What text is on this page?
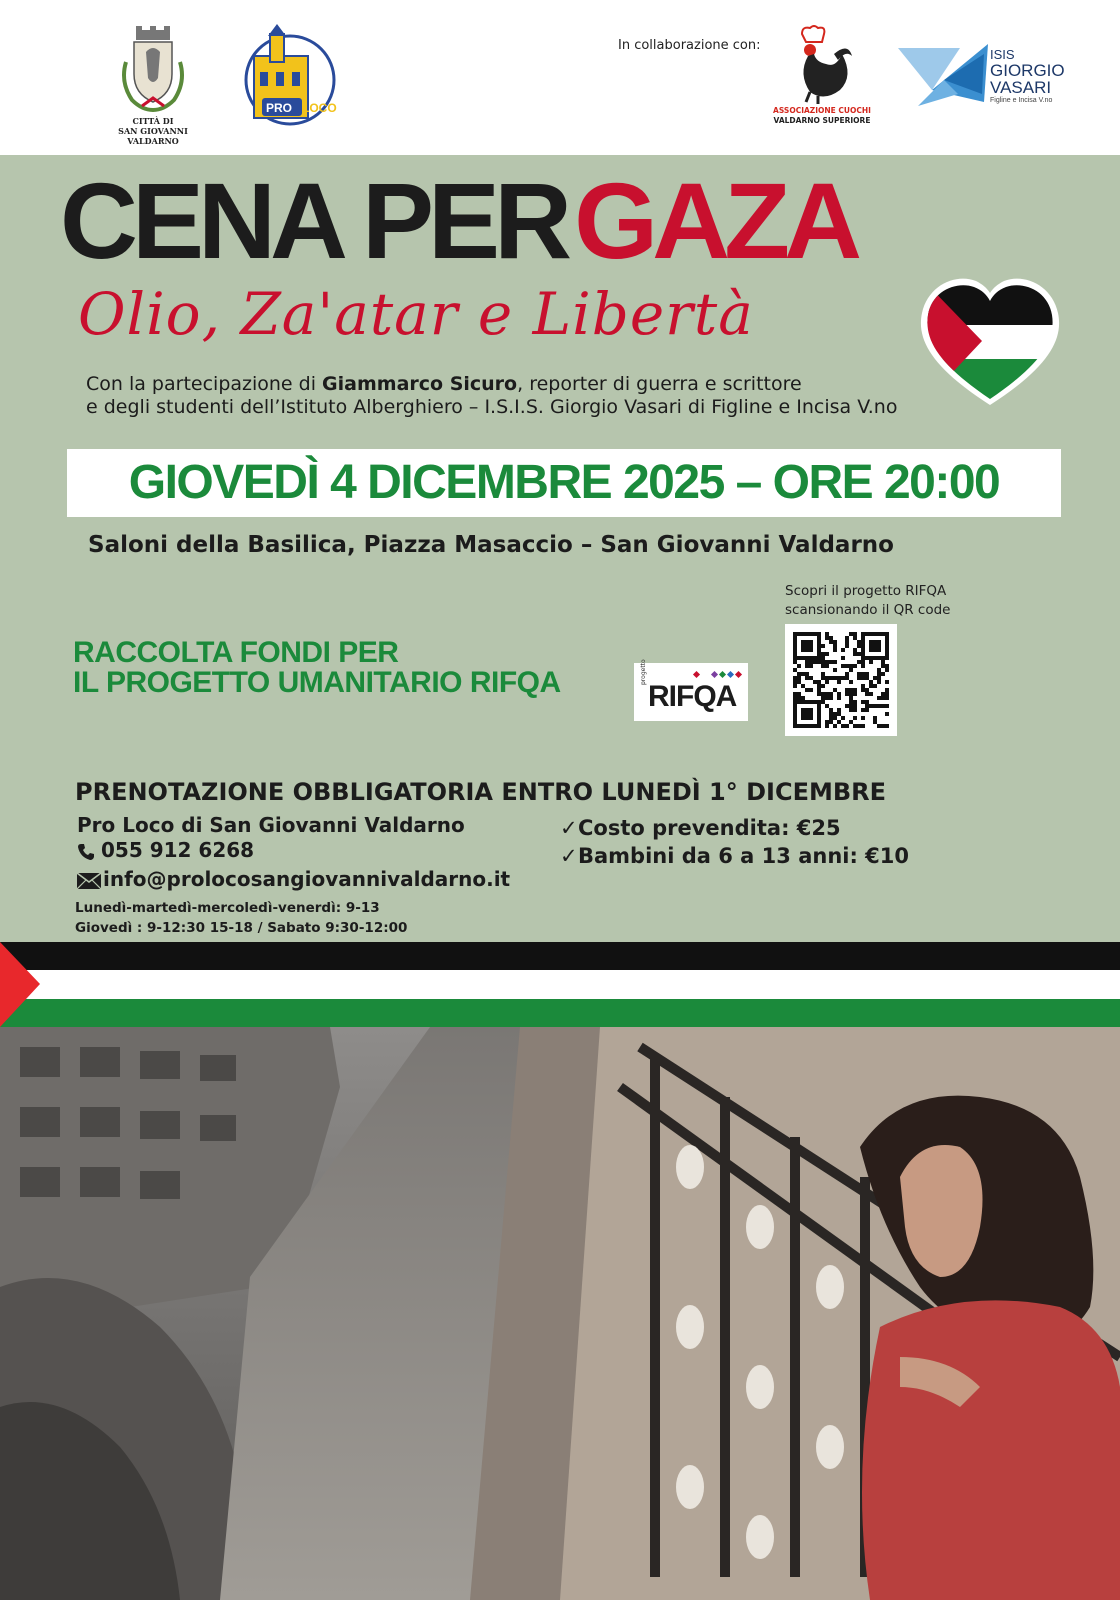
CITTÀ DI
SAN GIOVANNI VALDARNO
PRO LOCO
In collaborazione con:
ASSOCIAZIONE CUOCHI
VALDARNO SUPERIORE
ISIS
GIORGIO
VASARI
Figline e Incisa V.no
CENA PERGAZA
Olio, Za'atar e Libertà
Con la partecipazione di Giammarco Sicuro, reporter di guerra e scrittore
e degli studenti dell’Istituto Alberghiero – I.S.I.S. Giorgio Vasari di Figline e Incisa V.no
GIOVEDÌ 4 DICEMBRE 2025 – ORE 20:00
Saloni della Basilica, Piazza Masaccio – San Giovanni Valdarno
Scopri il progetto RIFQA
scansionando il QR code
RACCOLTA FONDI PER
IL PROGETTO UMANITARIO RIFQA	progetto
RIFQA
PRENOTAZIONE OBBLIGATORIA ENTRO LUNEDÌ 1° DICEMBRE
Pro Loco di San Giovanni Valdarno
055 912 6268
info@prolocosangiovannivaldarno.it
Lunedì-martedì-mercoledì-venerdì: 9-13
Giovedì : 9-12:30 15-18 / Sabato 9:30-12:00
✓Costo prevendita: €25
✓Bambini da 6 a 13 anni: €10
